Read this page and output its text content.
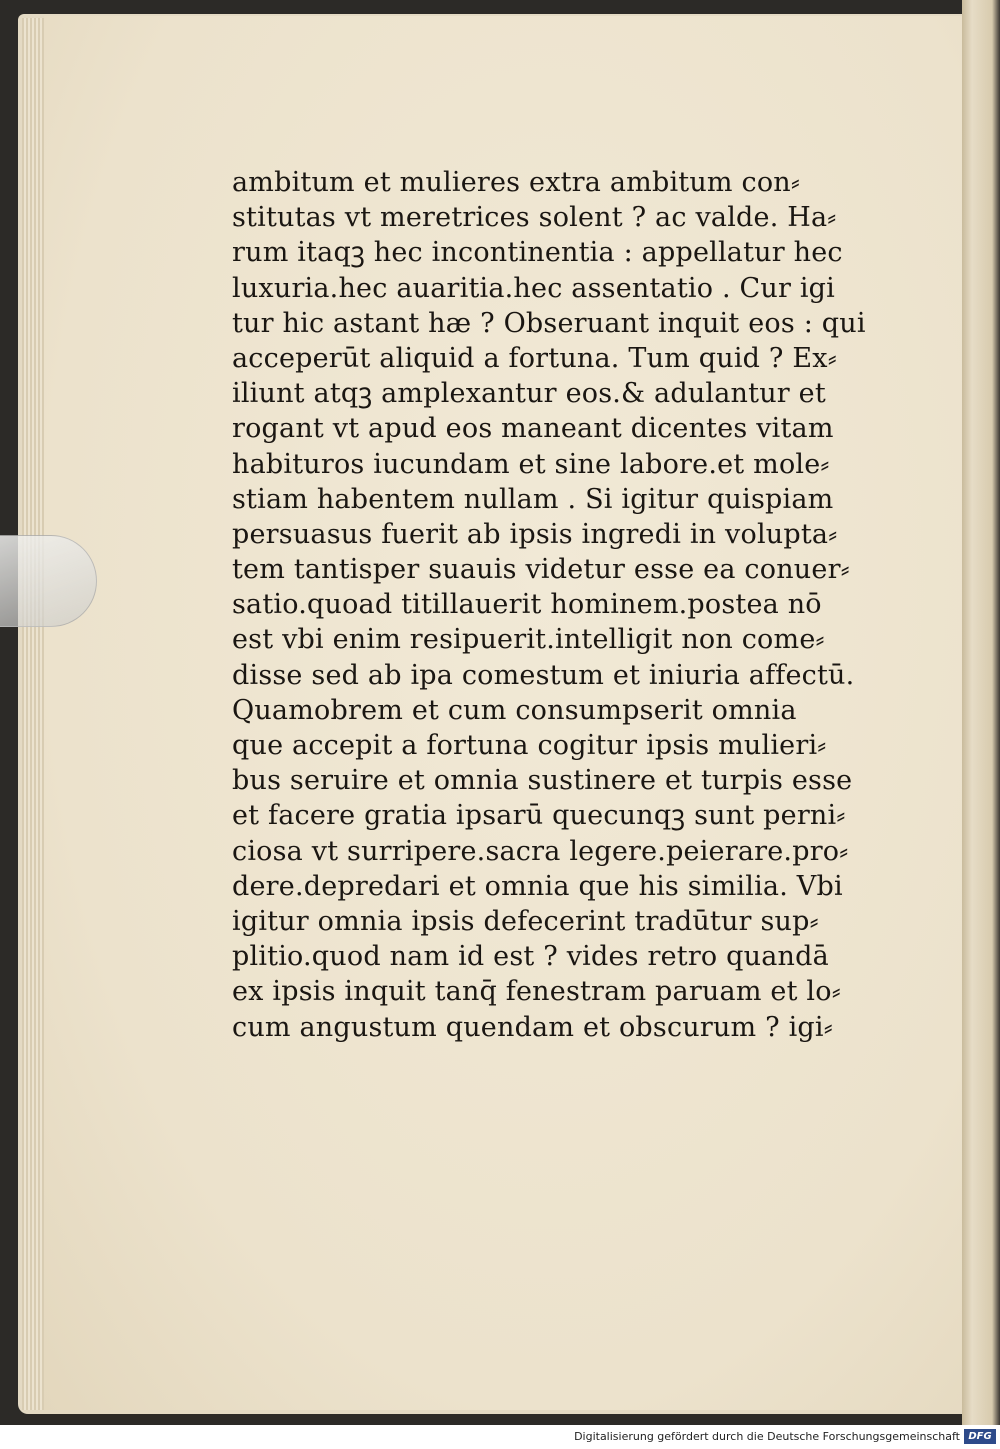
ambitum et mulieres extra ambitum con⸗
stitutas vt meretrices solent ? ac valde. Ha⸗
rum itaqꝫ hec incontinentia : appellatur hec
luxuria.hec auaritia.hec assentatio . Cur igi
tur hic astant hæ ? Obseruant inquit eos : qui
acceperūt aliquid a fortuna. Tum quid ? Ex⸗
iliunt atqꝫ amplexantur eos.& adulantur et
rogant vt apud eos maneant dicentes vitam
habituros iucundam et sine labore.et mole⸗
stiam habentem nullam . Si igitur quispiam
persuasus fuerit ab ipsis ingredi in volupta⸗
tem tantisper suauis videtur esse ea conuer⸗
satio.quoad titillauerit hominem.postea nō
est vbi enim resipuerit.intelligit non come⸗
disse sed ab ipa comestum et iniuria affectū.
Quamobrem et cum consumpserit omnia
que accepit a fortuna cogitur ipsis mulieri⸗
bus seruire et omnia sustinere et turpis esse
et facere gratia ipsarū quecunqꝫ sunt perni⸗
ciosa vt surripere.sacra legere.peierare.pro⸗
dere.depredari et omnia que his similia. Vbi
igitur omnia ipsis defecerint tradūtur sup⸗
plitio.quod nam id est ? vides retro quandā
ex ipsis inquit tanq̄ fenestram paruam et lo⸗
cum angustum quendam et obscurum ? igi⸗
Digitalisierung gefördert durch die Deutsche Forschungsgemeinschaft DFG
